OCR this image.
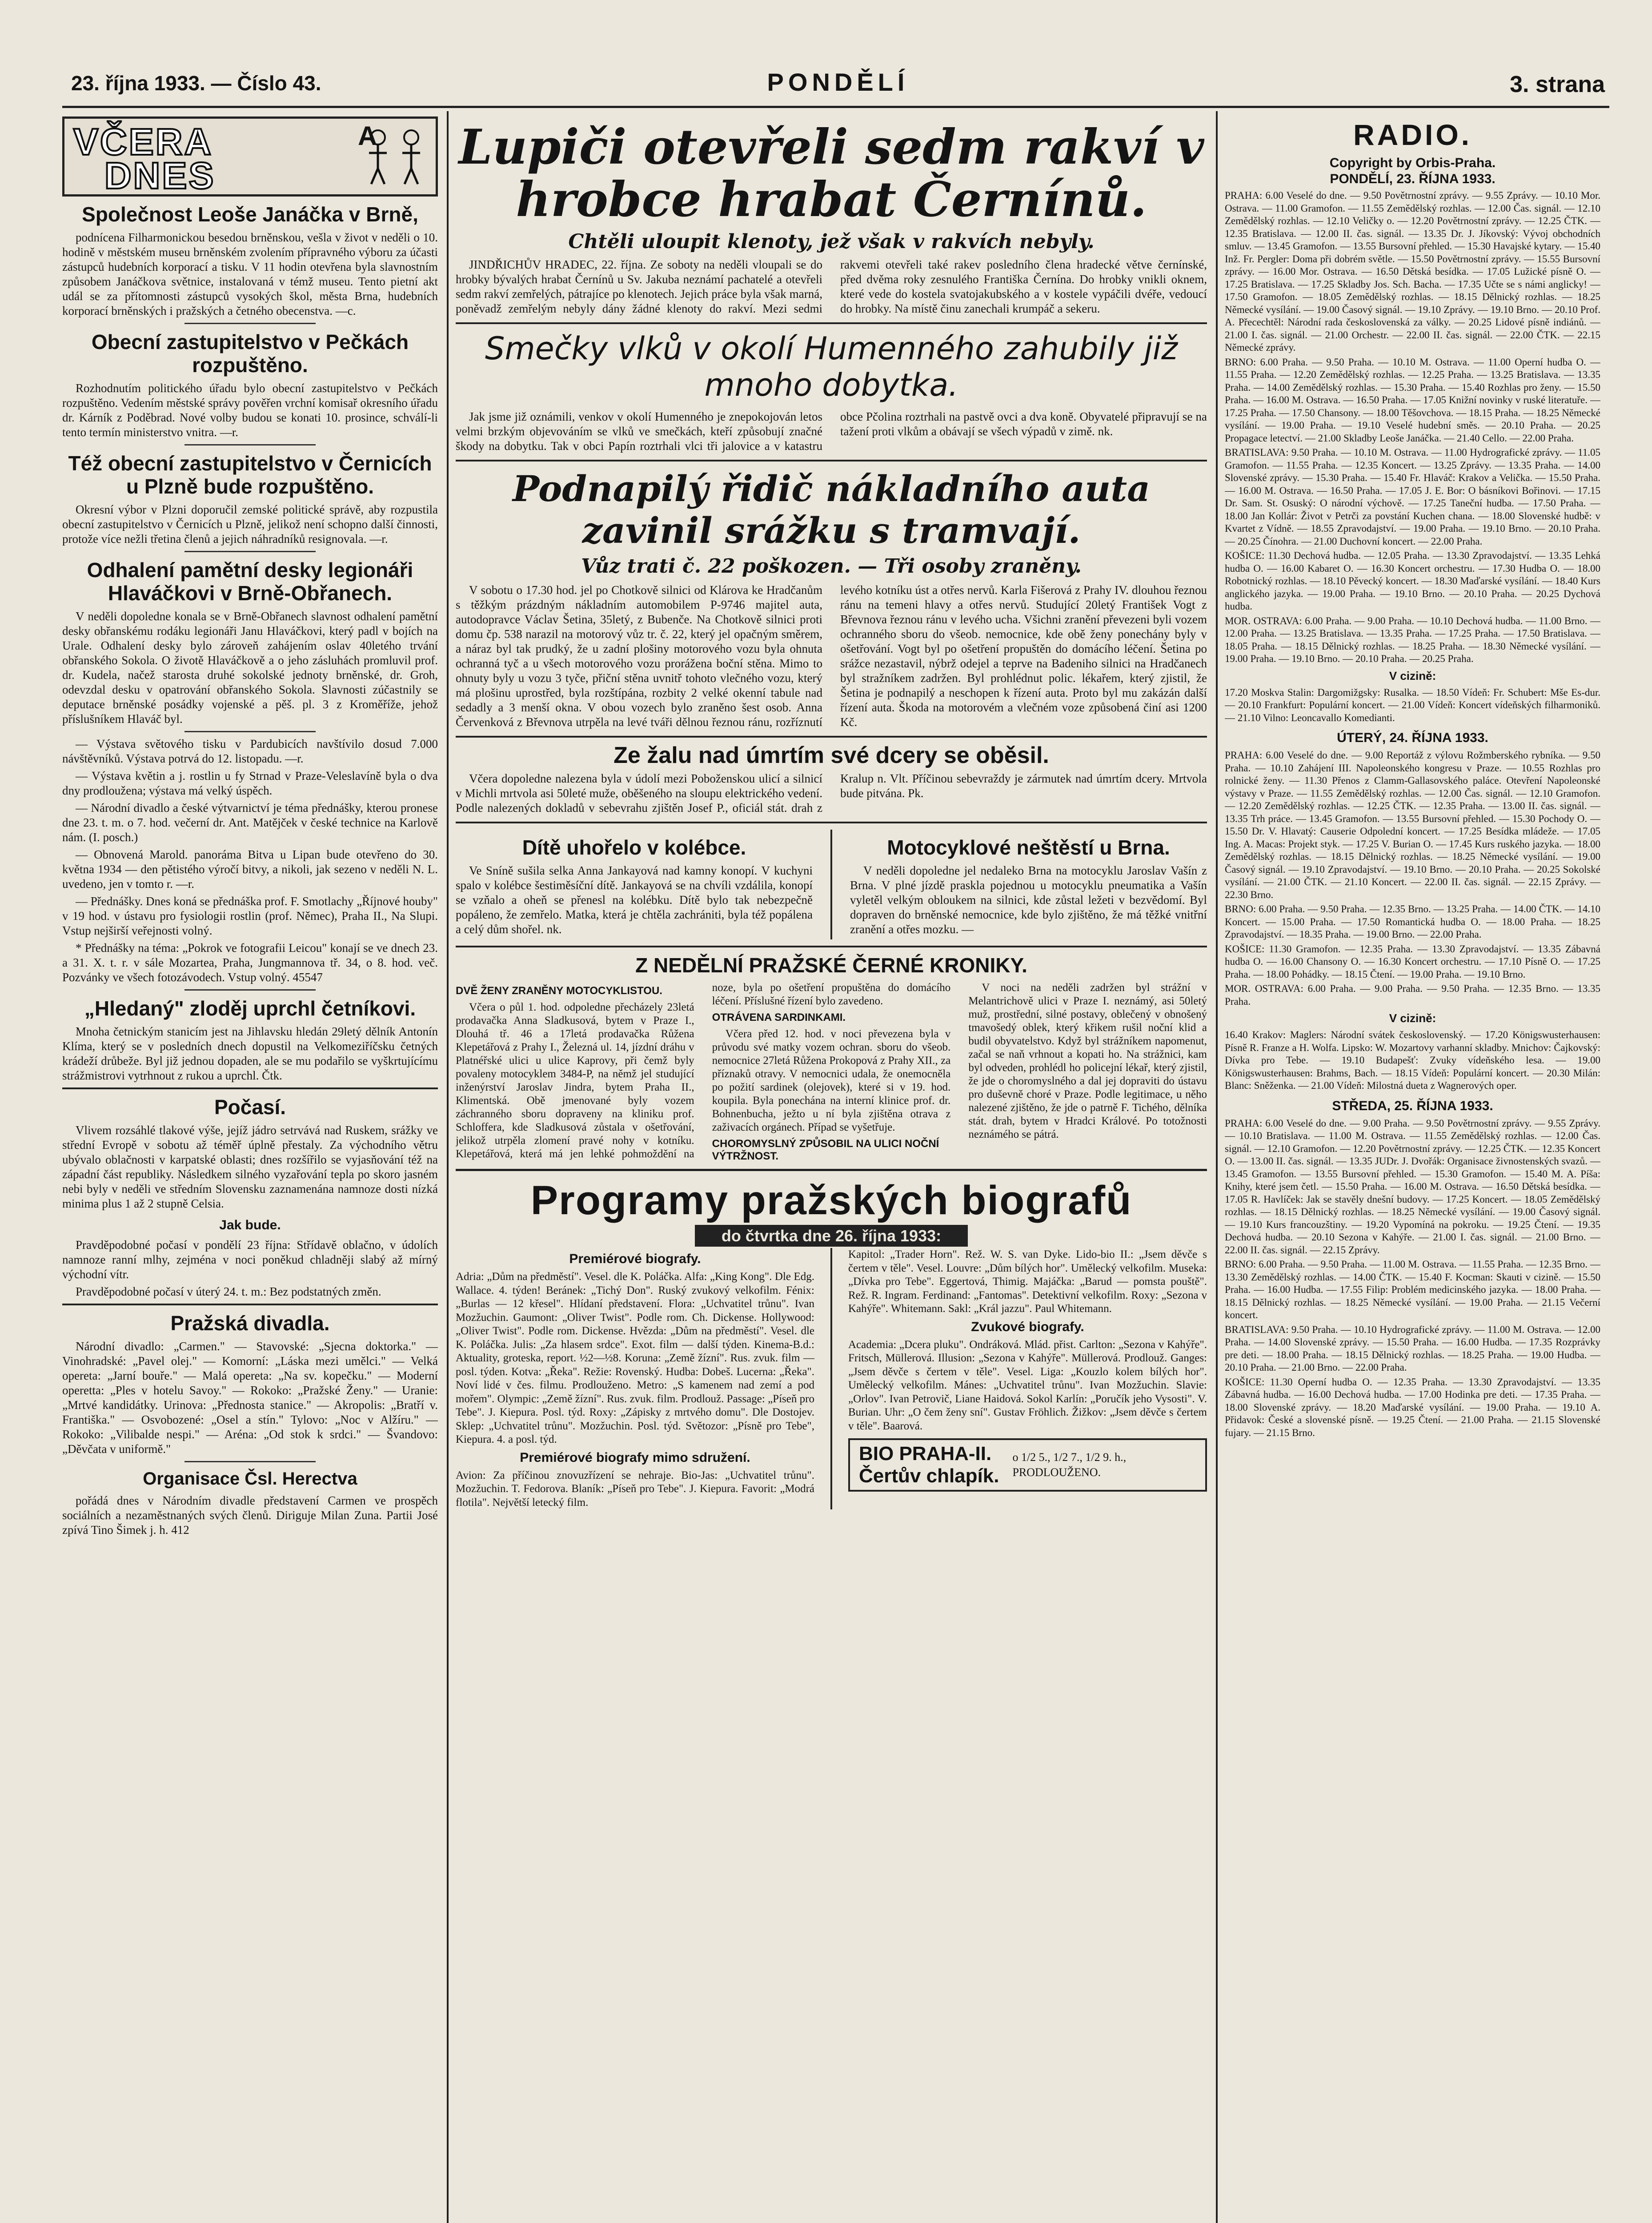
23. října 1933. — Číslo 43.	PONDĚLÍ	3. strana
VČERA	A
DNES
Společnost Leoše Janáčka v Brně,

podnícena Filharmonickou besedou brněnskou, vešla v život v neděli o 10. hodině v městském museu brněnském zvolením přípravného výboru za účasti zástupců hudebních korporací a tisku. V 11 hodin otevřena byla slavnostním způsobem Janáčkova světnice, instalovaná v témž museu. Tento pietní akt udál se za přítomnosti zástupců vysokých škol, města Brna, hudebních korporací brněnských i pražských a četného obecenstva. —c.

Obecní zastupitelstvo v Pečkách rozpuštěno.

Rozhodnutím politického úřadu bylo obecní zastupitelstvo v Pečkách rozpuštěno. Vedením městské správy pověřen vrchní komisař okresního úřadu dr. Kárník z Poděbrad. Nové volby budou se konati 10. prosince, schválí-li tento termín ministerstvo vnitra. —r.

Též obecní zastupitelstvo v Černicích u Plzně bude rozpuštěno.

Okresní výbor v Plzni doporučil zemské politické správě, aby rozpustila obecní zastupitelstvo v Černicích u Plzně, jelikož není schopno další činnosti, protože více nežli třetina členů a jejich náhradníků resignovala. —r.

Odhalení pamětní desky legionáři Hlaváčkovi v Brně-Obřanech.

V neděli dopoledne konala se v Brně-Obřanech slavnost odhalení pamětní desky obřanskému rodáku legionáři Janu Hlaváčkovi, který padl v bojích na Urale. Odhalení desky bylo zároveň zahájením oslav 40letého trvání obřanského Sokola. O životě Hlaváčkově a o jeho zásluhách promluvil prof. dr. Kudela, načež starosta druhé sokolské jednoty brněnské, dr. Groh, odevzdal desku v opatrování obřanského Sokola. Slavnosti zúčastnily se deputace brněnské posádky vojenské a pěš. pl. 3 z Kroměříže, jehož příslušníkem Hlaváč byl.

— Výstava světového tisku v Pardubicích navštívilo dosud 7.000 návštěvníků. Výstava potrvá do 12. listopadu. —r.

— Výstava květin a j. rostlin u fy Strnad v Praze-Veleslavíně byla o dva dny prodloužena; výstava má velký úspěch.

— Národní divadlo a české výtvarnictví je téma přednášky, kterou pronese dne 23. t. m. o 7. hod. večerní dr. Ant. Matějček v české technice na Karlově nám. (I. posch.)

— Obnovená Marold. panoráma Bitva u Lipan bude otevřeno do 30. května 1934 — den pětistého výročí bitvy, a nikoli, jak sezeno v neděli N. L. uvedeno, jen v tomto r. —r.

— Přednášky. Dnes koná se přednáška prof. F. Smotlachy „Říjnové houby" v 19 hod. v ústavu pro fysiologii rostlin (prof. Němec), Praha II., Na Slupi. Vstup nejširší veřejnosti volný.

* Přednášky na téma: „Pokrok ve fotografii Leicou" konají se ve dnech 23. a 31. X. t. r. v sále Mozartea, Praha, Jungmannova tř. 34, o 8. hod. več. Pozvánky ve všech fotozávodech. Vstup volný. 45547

„Hledaný" zloděj uprchl četníkovi.

Mnoha četnickým stanicím jest na Jihlavsku hledán 29letý dělník Antonín Klíma, který se v posledních dnech dopustil na Velkomeziříčsku četných krádeží drůbeže. Byl již jednou dopaden, ale se mu podařilo se vyškrtujícímu strážmistrovi vytrhnout z rukou a uprchl. Čtk.

Počasí.

Vlivem rozsáhlé tlakové výše, jejíž jádro setrvává nad Ruskem, srážky ve střední Evropě v sobotu až téměř úplně přestaly. Za východního větru ubývalo oblačnosti v karpatské oblasti; dnes rozšířilo se vyjasňování též na západní část republiky. Následkem silného vyzařování tepla po skoro jasném nebi byly v neděli ve středním Slovensku zaznamenána namnoze dosti nízká minima plus 1 až 2 stupně Celsia.

Jak bude.

Pravděpodobné počasí v pondělí 23 října: Střídavě oblačno, v údolích namnoze ranní mlhy, zejména v noci poněkud chladněji slabý až mírný východní vítr.

Pravděpodobné počasí v úterý 24. t. m.: Bez podstatných změn.

Pražská divadla.

Národní divadlo: „Carmen." — Stavovské: „Sjecna doktorka." — Vinohradské: „Pavel olej." — Komorní: „Láska mezi umělci." — Velká opereta: „Jarní bouře." — Malá opereta: „Na sv. kopečku." — Moderní operetta: „Ples v hotelu Savoy." — Rokoko: „Pražské Ženy." — Uranie: „Mrtvé kandidátky. Urinova: „Přednosta stanice." — Akropolis: „Bratří v. Františka." — Osvobozené: „Osel a stín." Tylovo: „Noc v Alžíru." — Rokoko: „Vilibalde nespi." — Aréna: „Od stok k srdci." — Švandovo: „Děvčata v uniformě."

Organisace Čsl. Herectva

pořádá dnes v Národním divadle představení Carmen ve prospěch sociálních a nezaměstnaných svých členů. Diriguje Milan Zuna. Partii José zpívá Tino Šimek j. h. 412

Lupiči otevřeli sedm rakví v hrobce hrabat Černínů.
Chtěli uloupit klenoty, jež však v rakvích nebyly.

JINDŘICHŮV HRADEC, 22. října. Ze soboty na neděli vloupali se do hrobky bývalých hrabat Černínů u Sv. Jakuba neznámí pachatelé a otevřeli sedm rakví zemřelých, pátrajíce po klenotech. Jejich práce byla však marná, poněvadž zemřelým nebyly dány žádné klenoty do rakví. Mezi sedmi rakvemi otevřeli také rakev posledního člena hradecké větve černínské, před dvěma roky zesnulého Františka Černína. Do hrobky vnikli oknem, které vede do kostela svatojakubského a v kostele vypáčili dvéře, vedoucí do hrobky. Na místě činu zanechali krumpáč a sekeru.

Smečky vlků v okolí Humenného zahubily již mnoho dobytka.

Jak jsme již oznámili, venkov v okolí Humenného je znepokojován letos velmi brzkým objevováním se vlků ve smečkách, kteří způsobují značné škody na dobytku. Tak v obci Papín roztrhali vlci tři jalovice a v katastru obce Pčolina roztrhali na pastvě ovci a dva koně. Obyvatelé připravují se na tažení proti vlkům a obávají se všech výpadů v zimě. nk.

Podnapilý řidič nákladního auta zavinil srážku s tramvají.
Vůz trati č. 22 poškozen. — Tři osoby zraněny.

V sobotu o 17.30 hod. jel po Chotkově silnici od Klárova ke Hradčanům s těžkým prázdným nákladním automobilem P-9746 majitel auta, autodopravce Václav Šetina, 35letý, z Bubenče. Na Chotkově silnici proti domu čp. 538 narazil na motorový vůz tr. č. 22, který jel opačným směrem, a náraz byl tak prudký, že u zadní plošiny motorového vozu byla ohnuta ochranná tyč a u všech motorového vozu prorážena boční stěna. Mimo to ohnuty byly u vozu 3 tyče, přiční stěna uvnitř tohoto vlečného vozu, který má plošinu uprostřed, byla rozštípána, rozbity 2 velké okenní tabule nad sedadly a 3 menší okna. V obou vozech bylo zraněno šest osob. Anna Červenková z Břevnova utrpěla na levé tváři dělnou řeznou ránu, rozříznutí levého kotníku úst a otřes nervů. Karla Fišerová z Prahy IV. dlouhou řeznou ránu na temeni hlavy a otřes nervů. Studující 20letý František Vogt z Břevnova řeznou ránu v levého ucha. Všichni zranění převezeni byli vozem ochranného sboru do všeob. nemocnice, kde obě ženy ponechány byly v ošetřování. Vogt byl po ošetření propuštěn do domácího léčení. Šetina po srážce nezastavil, nýbrž odejel a teprve na Badeniho silnici na Hradčanech byl stražníkem zadržen. Byl prohlédnut polic. lékařem, který zjistil, že Šetina je podnapilý a neschopen k řízení auta. Proto byl mu zakázán další řízení auta. Škoda na motorovém a vlečném voze způsobená činí asi 1200 Kč.

Ze žalu nad úmrtím své dcery se oběsil.

Včera dopoledne nalezena byla v údolí mezi Poboženskou ulicí a silnicí v Michli mrtvola asi 50leté muže, oběšeného na sloupu elektrického vedení. Podle nalezených dokladů v sebevrahu zjištěn Josef P., oficiál stát. drah z Kralup n. Vlt. Příčinou sebevraždy je zármutek nad úmrtím dcery. Mrtvola bude pitvána. Pk.

Dítě uhořelo v kolébce.

Ve Sníně sušila selka Anna Jankayová nad kamny konopí. V kuchyni spalo v kolébce šestiměsíční dítě. Jankayová se na chvíli vzdálila, konopí se vzňalo a oheň se přenesl na kolébku. Dítě bylo tak nebezpečně popáleno, že zemřelo. Matka, která je chtěla zachrániti, byla též popálena a celý dům shořel. nk.

Motocyklové neštěstí u Brna.

V neděli dopoledne jel nedaleko Brna na motocyklu Jaroslav Vašín z Brna. V plné jízdě praskla pojednou u motocyklu pneumatika a Vašín vyletěl velkým obloukem na silnici, kde zůstal ležeti v bezvědomí. Byl dopraven do brněnské nemocnice, kde bylo zjištěno, že má těžké vnitřní zranění a otřes mozku. —

Z NEDĚLNÍ PRAŽSKÉ ČERNÉ KRONIKY.
DVĚ ŽENY ZRANĚNY MOTOCYKLISTOU.

Včera o půl 1. hod. odpoledne přecházely 23letá prodavačka Anna Sladkusová, bytem v Praze I., Dlouhá tř. 46 a 17letá prodavačka Růžena Klepetářová z Prahy I., Železná ul. 14, jízdní dráhu v Platnéřské ulici u ulice Kaprovy, při čemž byly povaleny motocyklem 3484-P, na němž jel studující inženýrství Jaroslav Jindra, bytem Praha II., Klimentská. Obě jmenované byly vozem záchranného sboru dopraveny na kliniku prof. Schloffera, kde Sladkusová zůstala v ošetřování, jelikož utrpěla zlomení pravé nohy v kotníku. Klepetářová, která má jen lehké pohmoždění na noze, byla po ošetření propuštěna do domácího léčení. Příslušné řízení bylo zavedeno.

OTRÁVENA SARDINKAMI.

Včera před 12. hod. v noci převezena byla v průvodu své matky vozem ochran. sboru do všeob. nemocnice 27letá Růžena Prokopová z Prahy XII., za příznaků otravy. V nemocnici udala, že onemocněla po požití sardinek (olejovek), které si v 19. hod. koupila. Byla ponechána na interní klinice prof. dr. Bohnenbucha, ježto u ní byla zjištěna otrava z zaživacích orgánech. Případ se vyšetřuje.

CHOROMYSLNÝ ZPŮSOBIL NA ULICI NOČNÍ VÝTRŽNOST.

V noci na neděli zadržen byl strážní v Melantrichově ulici v Praze I. neznámý, asi 50letý muž, prostřední, silné postavy, oblečený v obnošený tmavošedý oblek, který křikem rušil noční klid a budil obyvatelstvo. Když byl strážníkem napomenut, začal se naň vrhnout a kopati ho. Na strážnici, kam byl odveden, prohlédl ho policejní lékař, který zjistil, že jde o choromyslného a dal jej dopraviti do ústavu pro duševně choré v Praze. Podle legitimace, u něho nalezené zjištěno, že jde o patrně F. Tichého, dělníka stát. drah, bytem v Hradci Králové. Po totožnosti neznámého se pátrá.

Programy pražských biografů
do čtvrtka dne 26. října 1933:
Premiérové biografy.

Adria: „Dům na předměstí". Vesel. dle K. Poláčka. Alfa: „King Kong". Dle Edg. Wallace. 4. týden! Beránek: „Tichý Don". Ruský zvukový velkofilm. Fénix: „Burlas — 12 křesel". Hlídaní představení. Flora: „Uchvatitel trůnu". Ivan Mozžuchin. Gaumont: „Oliver Twist". Podle rom. Ch. Dickense. Hollywood: „Oliver Twist". Podle rom. Dickense. Hvězda: „Dům na předměstí". Vesel. dle K. Poláčka. Julis: „Za hlasem srdce". Exot. film — další týden. Kinema-B.d.: Aktuality, groteska, report. ½2—½8. Koruna: „Země žízní". Rus. zvuk. film — posl. týden. Kotva: „Řeka". Režie: Rovenský. Hudba: Dobeš. Lucerna: „Řeka". Noví lidé v čes. filmu. Prodlouženo. Metro: „S kamenem nad zemí a pod mořem". Olympic: „Země žízní". Rus. zvuk. film. Prodlouž. Passage: „Píseň pro Tebe". J. Kiepura. Posl. týd. Roxy: „Zápisky z mrtvého domu". Dle Dostojev. Sklep: „Uchvatitel trůnu". Mozžuchin. Posl. týd. Světozor: „Písně pro Tebe", Kiepura. 4. a posl. týd.

Premiérové biografy mimo sdružení.

Avion: Za příčinou znovuzřízení se nehraje. Bio-Jas: „Uchvatitel trůnu". Mozžuchin. T. Fedorova. Blaník: „Píseň pro Tebe". J. Kiepura. Favorit: „Modrá flotila". Největší letecký film.

Kapitol: „Trader Horn". Rež. W. S. van Dyke. Lido-bio II.: „Jsem děvče s čertem v těle". Vesel. Louvre: „Dům bílých hor". Umělecký velkofilm. Museka: „Dívka pro Tebe". Eggertová, Thimig. Majáčka: „Barud — pomsta pouště". Rež. R. Ingram. Ferdinand: „Fantomas". Detektivní velkofilm. Roxy: „Sezona v Kahýře". Whitemann. Sakl: „Král jazzu". Paul Whitemann.

Zvukové biografy.

Academia: „Dcera pluku". Ondráková. Mlád. přist. Carlton: „Sezona v Kahýře". Fritsch, Müllerová. Illusion: „Sezona v Kahýře". Müllerová. Prodlouž. Ganges: „Jsem děvče s čertem v těle". Vesel. Liga: „Kouzlo kolem bílých hor". Umělecký velkofilm. Mánes: „Uchvatitel trůnu". Ivan Mozžuchin. Slavie: „Orlov". Ivan Petrovič, Liane Haidová. Sokol Karlín: „Poručík jeho Vysosti". V. Burian. Uhr: „O čem ženy sní". Gustav Fröhlich. Žižkov: „Jsem děvče s čertem v těle". Baarová.

BIO PRAHA-II.
Čertův chlapík.
o 1/2 5., 1/2 7., 1/2 9. h.,
PRODLOUŽENO.
RADIO.
Copyright by Orbis-Praha.
PONDĚLÍ, 23. ŘÍJNA 1933.

PRAHA: 6.00 Veselé do dne. — 9.50 Povětrnostní zprávy. — 9.55 Zprávy. — 10.10 Mor. Ostrava. — 11.00 Gramofon. — 11.55 Zemědělský rozhlas. — 12.00 Čas. signál. — 12.10 Zemědělský rozhlas. — 12.10 Veličky o. — 12.20 Povětrnostní zprávy. — 12.25 ČTK. — 12.35 Bratislava. — 12.00 II. čas. signál. — 13.35 Dr. J. Jíkovský: Vývoj obchodních smluv. — 13.45 Gramofon. — 13.55 Bursovní přehled. — 15.30 Havajské kytary. — 15.40 Inž. Fr. Pergler: Doma při dobrém světle. — 15.50 Povětrnostní zprávy. — 15.55 Bursovní zprávy. — 16.00 Mor. Ostrava. — 16.50 Dětská besídka. — 17.05 Lužické písně O. — 17.25 Bratislava. — 17.25 Skladby Jos. Sch. Bacha. — 17.35 Učte se s námi anglicky! — 17.50 Gramofon. — 18.05 Zemědělský rozhlas. — 18.15 Dělnický rozhlas. — 18.25 Německé vysílání. — 19.00 Časový signál. — 19.10 Zprávy. — 19.10 Brno. — 20.10 Prof. A. Přecechtěl: Národní rada československá za války. — 20.25 Lidové písně indiánů. — 21.00 I. čas. signál. — 21.00 Orchestr. — 22.00 II. čas. signál. — 22.00 ČTK. — 22.15 Německé zprávy.

BRNO: 6.00 Praha. — 9.50 Praha. — 10.10 M. Ostrava. — 11.00 Operní hudba O. — 11.55 Praha. — 12.20 Zemědělský rozhlas. — 12.25 Praha. — 13.25 Bratislava. — 13.35 Praha. — 14.00 Zemědělský rozhlas. — 15.30 Praha. — 15.40 Rozhlas pro ženy. — 15.50 Praha. — 16.00 M. Ostrava. — 16.50 Praha. — 17.05 Knižní novinky v ruské literatuře. — 17.25 Praha. — 17.50 Chansony. — 18.00 Těšovchova. — 18.15 Praha. — 18.25 Německé vysílání. — 19.00 Praha. — 19.10 Veselé hudební směs. — 20.10 Praha. — 20.25 Propagace letectví. — 21.00 Skladby Leoše Janáčka. — 21.40 Cello. — 22.00 Praha.

BRATISLAVA: 9.50 Praha. — 10.10 M. Ostrava. — 11.00 Hydrografické zprávy. — 11.05 Gramofon. — 11.55 Praha. — 12.35 Koncert. — 13.25 Zprávy. — 13.35 Praha. — 14.00 Slovenské zprávy. — 15.30 Praha. — 15.40 Fr. Hlaváč: Krakov a Velička. — 15.50 Praha. — 16.00 M. Ostrava. — 16.50 Praha. — 17.05 J. E. Bor: O básníkovi Bořinovi. — 17.15 Dr. Sam. St. Osuský: O národní výchově. — 17.25 Taneční hudba. — 17.50 Praha. — 18.00 Jan Kollár: Život v Petrči za povstání Kuchen chana. — 18.00 Slovenské hudbě: v Kvartet z Vídně. — 18.55 Zpravodajství. — 19.00 Praha. — 19.10 Brno. — 20.10 Praha. — 20.25 Čínohra. — 21.00 Duchovní koncert. — 22.00 Praha.

KOŠICE: 11.30 Dechová hudba. — 12.05 Praha. — 13.30 Zpravodajství. — 13.35 Lehká hudba O. — 16.00 Kabaret O. — 16.30 Koncert orchestru. — 17.30 Hudba O. — 18.00 Robotnický rozhlas. — 18.10 Pěvecký koncert. — 18.30 Maďarské vysílání. — 18.40 Kurs anglického jazyka. — 19.00 Praha. — 19.10 Brno. — 20.10 Praha. — 20.25 Dychová hudba.

MOR. OSTRAVA: 6.00 Praha. — 9.00 Praha. — 10.10 Dechová hudba. — 11.00 Brno. — 12.00 Praha. — 13.25 Bratislava. — 13.35 Praha. — 17.25 Praha. — 17.50 Bratislava. — 18.05 Praha. — 18.15 Dělnický rozhlas. — 18.25 Praha. — 18.30 Německé vysílání. — 19.00 Praha. — 19.10 Brno. — 20.10 Praha. — 20.25 Praha.

V cizině:

17.20 Moskva Stalin: Dargomižgsky: Rusalka. — 18.50 Vídeň: Fr. Schubert: Mše Es-dur. — 20.10 Frankfurt: Populární koncert. — 21.00 Vídeň: Koncert vídeňských filharmoniků. — 21.10 Vilno: Leoncavallo Komedianti.

ÚTERÝ, 24. ŘÍJNA 1933.

PRAHA: 6.00 Veselé do dne. — 9.00 Reportáž z výlovu Rožmberského rybníka. — 9.50 Praha. — 10.10 Zahájení III. Napoleonského kongresu v Praze. — 10.55 Rozhlas pro rolnické ženy. — 11.30 Přenos z Clamm-Gallasovského paláce. Otevření Napoleonské výstavy v Praze. — 11.55 Zemědělský rozhlas. — 12.00 Čas. signál. — 12.10 Gramofon. — 12.20 Zemědělský rozhlas. — 12.25 ČTK. — 12.35 Praha. — 13.00 II. čas. signál. — 13.35 Trh práce. — 13.45 Gramofon. — 13.55 Bursovní přehled. — 15.30 Pochody O. — 15.50 Dr. V. Hlavatý: Causerie Odpolední koncert. — 17.25 Besídka mládeže. — 17.05 Ing. A. Macas: Projekt styk. — 17.25 V. Burian O. — 17.45 Kurs ruského jazyka. — 18.00 Zemědělský rozhlas. — 18.15 Dělnický rozhlas. — 18.25 Německé vysílání. — 19.00 Časový signál. — 19.10 Zpravodajství. — 19.10 Brno. — 20.10 Praha. — 20.25 Sokolské vysílání. — 21.00 ČTK. — 21.10 Koncert. — 22.00 II. čas. signál. — 22.15 Zprávy. — 22.30 Brno.

BRNO: 6.00 Praha. — 9.50 Praha. — 12.35 Brno. — 13.25 Praha. — 14.00 ČTK. — 14.10 Koncert. — 15.00 Praha. — 17.50 Romantická hudba O. — 18.00 Praha. — 18.25 Zpravodajství. — 18.35 Praha. — 19.00 Brno. — 22.00 Praha.

KOŠICE: 11.30 Gramofon. — 12.35 Praha. — 13.30 Zpravodajství. — 13.35 Zábavná hudba O. — 16.00 Chansony O. — 16.30 Koncert orchestru. — 17.10 Písně O. — 17.25 Praha. — 18.00 Pohádky. — 18.15 Čtení. — 19.00 Praha. — 19.10 Brno.

MOR. OSTRAVA: 6.00 Praha. — 9.00 Praha. — 9.50 Praha. — 12.35 Brno. — 13.35 Praha.

V cizině:

16.40 Krakov: Maglers: Národní svátek československý. — 17.20 Königswusterhausen: Písně R. Franze a H. Wolfa. Lipsko: W. Mozartovy varhanní skladby. Mnichov: Čajkovský: Dívka pro Tebe. — 19.10 Budapešť: Zvuky vídeňského lesa. — 19.00 Königswusterhausen: Brahms, Bach. — 18.15 Vídeň: Populární koncert. — 20.30 Milán: Blanc: Sněženka. — 21.00 Vídeň: Milostná dueta z Wagnerových oper.

STŘEDA, 25. ŘÍJNA 1933.

PRAHA: 6.00 Veselé do dne. — 9.00 Praha. — 9.50 Povětrnostní zprávy. — 9.55 Zprávy. — 10.10 Bratislava. — 11.00 M. Ostrava. — 11.55 Zemědělský rozhlas. — 12.00 Čas. signál. — 12.10 Gramofon. — 12.20 Povětrnostní zprávy. — 12.25 ČTK. — 12.35 Koncert O. — 13.00 II. čas. signál. — 13.35 JUDr. J. Dvořák: Organisace živnostenských svazů. — 13.45 Gramofon. — 13.55 Bursovní přehled. — 15.30 Gramofon. — 15.40 M. A. Píša: Knihy, které jsem četl. — 15.50 Praha. — 16.00 M. Ostrava. — 16.50 Dětská besídka. — 17.05 R. Havlíček: Jak se stavěly dnešní budovy. — 17.25 Koncert. — 18.05 Zemědělský rozhlas. — 18.15 Dělnický rozhlas. — 18.25 Německé vysílání. — 19.00 Časový signál. — 19.10 Kurs francouzštiny. — 19.20 Vypomíná na pokroku. — 19.25 Čtení. — 19.35 Dechová hudba. — 20.10 Sezona v Kahýře. — 21.00 I. čas. signál. — 21.00 Brno. — 22.00 II. čas. signál. — 22.15 Zprávy.

BRNO: 6.00 Praha. — 9.50 Praha. — 11.00 M. Ostrava. — 11.55 Praha. — 12.35 Brno. — 13.30 Zemědělský rozhlas. — 14.00 ČTK. — 15.40 F. Kocman: Skauti v cizině. — 15.50 Praha. — 16.00 Hudba. — 17.55 Filip: Problém medicinského jazyka. — 18.00 Praha. — 18.15 Dělnický rozhlas. — 18.25 Německé vysílání. — 19.00 Praha. — 21.15 Večerní koncert.

BRATISLAVA: 9.50 Praha. — 10.10 Hydrografické zprávy. — 11.00 M. Ostrava. — 12.00 Praha. — 14.00 Slovenské zprávy. — 15.50 Praha. — 16.00 Hudba. — 17.35 Rozprávky pre deti. — 18.00 Praha. — 18.15 Dělnický rozhlas. — 18.25 Praha. — 19.00 Hudba. — 20.10 Praha. — 21.00 Brno. — 22.00 Praha.

KOŠICE: 11.30 Operní hudba O. — 12.35 Praha. — 13.30 Zpravodajství. — 13.35 Zábavná hudba. — 16.00 Dechová hudba. — 17.00 Hodinka pre deti. — 17.35 Praha. — 18.00 Slovenské zprávy. — 18.20 Maďarské vysílání. — 19.00 Praha. — 19.10 A. Přidavok: České a slovenské písně. — 19.25 Čtení. — 21.00 Praha. — 21.15 Slovenské fujary. — 21.15 Brno.
